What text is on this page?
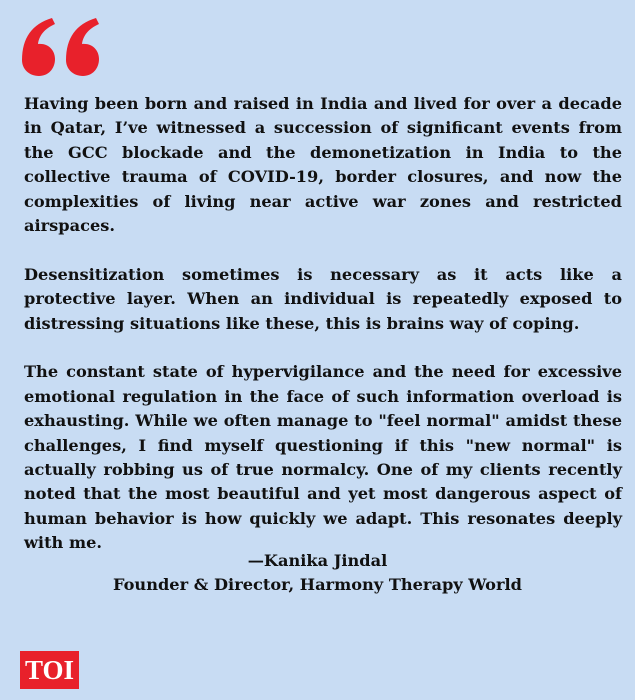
Having been born and raised in India and lived for over a decade in Qatar, I’ve witnessed a succession of significant events from the GCC blockade and the demonetization in India to the collective trauma of COVID-19, border closures, and now the complexities of living near active war zones and restricted airspaces.

Desensitization sometimes is necessary as it acts like a protective layer. When an individual is repeatedly exposed to distressing situations like these, this is brains way of coping.

The constant state of hypervigilance and the need for excessive emotional regulation in the face of such information overload is exhausting. While we often manage to "feel normal" amidst these challenges, I find myself questioning if this "new normal" is actually robbing us of true normalcy. One of my clients recently noted that the most beautiful and yet most dangerous aspect of human behavior is how quickly we adapt. This resonates deeply with me.

—Kanika Jindal
Founder & Director, Harmony Therapy World
TOI
